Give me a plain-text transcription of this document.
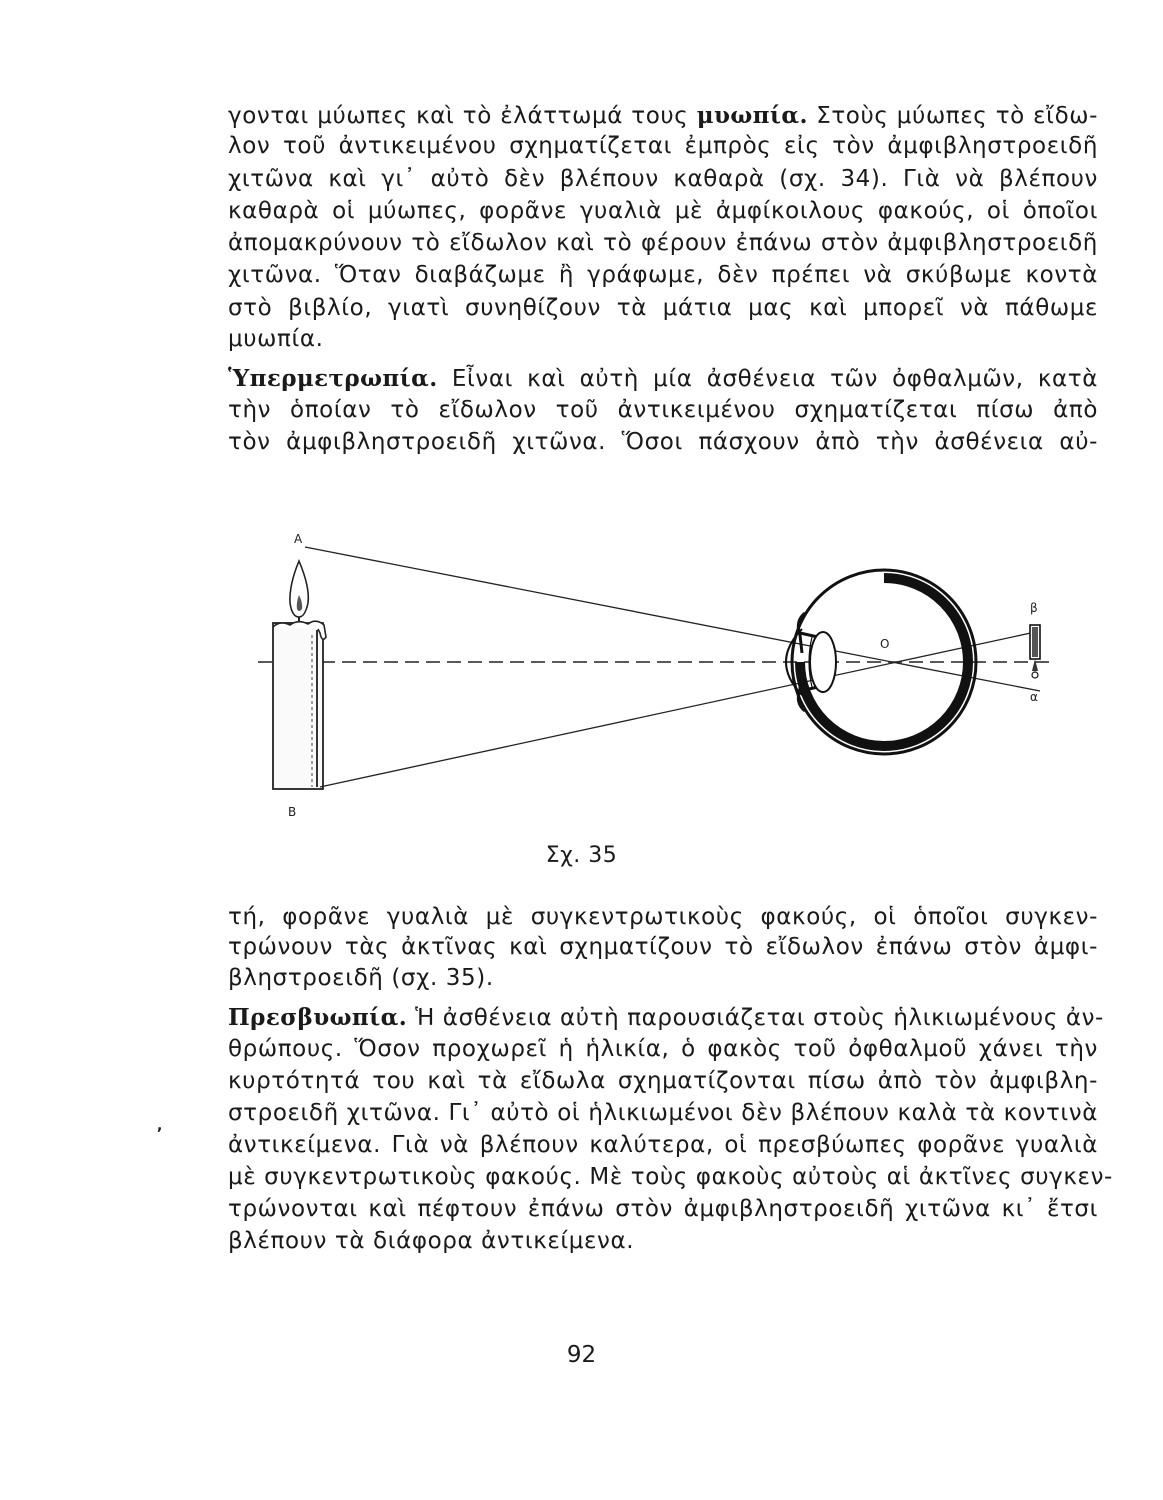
γονται μύωπες καὶ τὸ ἐλάττωμά τους μυωπία. Στοὺς μύωπες τὸ εἴδω-
λον τοῦ ἀντικειμένου σχηματίζεται ἐμπρὸς εἰς τὸν ἀμφιβληστροειδῆ
χιτῶνα καὶ γι᾽ αὐτὸ δὲν βλέπουν καθαρὰ (σχ. 34). Γιὰ νὰ βλέπουν
καθαρὰ οἱ μύωπες, φορᾶνε γυαλιὰ μὲ ἀμφίκοιλους φακούς, οἱ ὁποῖοι
ἀπομακρύνουν τὸ εἴδωλον καὶ τὸ φέρουν ἐπάνω στὸν ἀμφιβληστροειδῆ
χιτῶνα. Ὅταν διαβάζωμε ἢ γράφωμε, δὲν πρέπει νὰ σκύβωμε κοντὰ
στὸ βιβλίο, γιατὶ συνηθίζουν τὰ μάτια μας καὶ μπορεῖ νὰ πάθωμε
μυωπία.
Ὑπερμετρωπία. Εἶναι καὶ αὐτὴ μία ἀσθένεια τῶν ὀφθαλμῶν, κατὰ
τὴν ὁποίαν τὸ εἴδωλον τοῦ ἀντικειμένου σχηματίζεται πίσω ἀπὸ
τὸν ἀμφιβληστροειδῆ χιτῶνα. Ὅσοι πάσχουν ἀπὸ τὴν ἀσθένεια αὐ-
Α
Β
Ο
β
α
Σχ. 35
τή, φορᾶνε γυαλιὰ μὲ συγκεντρωτικοὺς φακούς, οἱ ὁποῖοι συγκεν-
τρώνουν τὰς ἀκτῖνας καὶ σχηματίζουν τὸ εἴδωλον ἐπάνω στὸν ἀμφι-
βληστροειδῆ (σχ. 35).
Πρεσβυωπία. Ἡ ἀσθένεια αὐτὴ παρουσιάζεται στοὺς ἡλικιωμένους ἀν-
θρώπους. Ὅσον προχωρεῖ ἡ ἡλικία, ὁ φακὸς τοῦ ὀφθαλμοῦ χάνει τὴν
κυρτότητά του καὶ τὰ εἴδωλα σχηματίζονται πίσω ἀπὸ τὸν ἀμφιβλη-
στροειδῆ χιτῶνα. Γι᾽ αὐτὸ οἱ ἡλικιωμένοι δὲν βλέπουν καλὰ τὰ κοντινὰ
ἀντικείμενα. Γιὰ νὰ βλέπουν καλύτερα, οἱ πρεσβύωπες φορᾶνε γυαλιὰ
μὲ συγκεντρωτικοὺς φακούς. Μὲ τοὺς φακοὺς αὐτοὺς αἱ ἀκτῖνες συγκεν-
τρώνονται καὶ πέφτουν ἐπάνω στὸν ἀμφιβληστροειδῆ χιτῶνα κι᾽ ἔτσι
βλέπουν τὰ διάφορα ἀντικείμενα.
,
92
